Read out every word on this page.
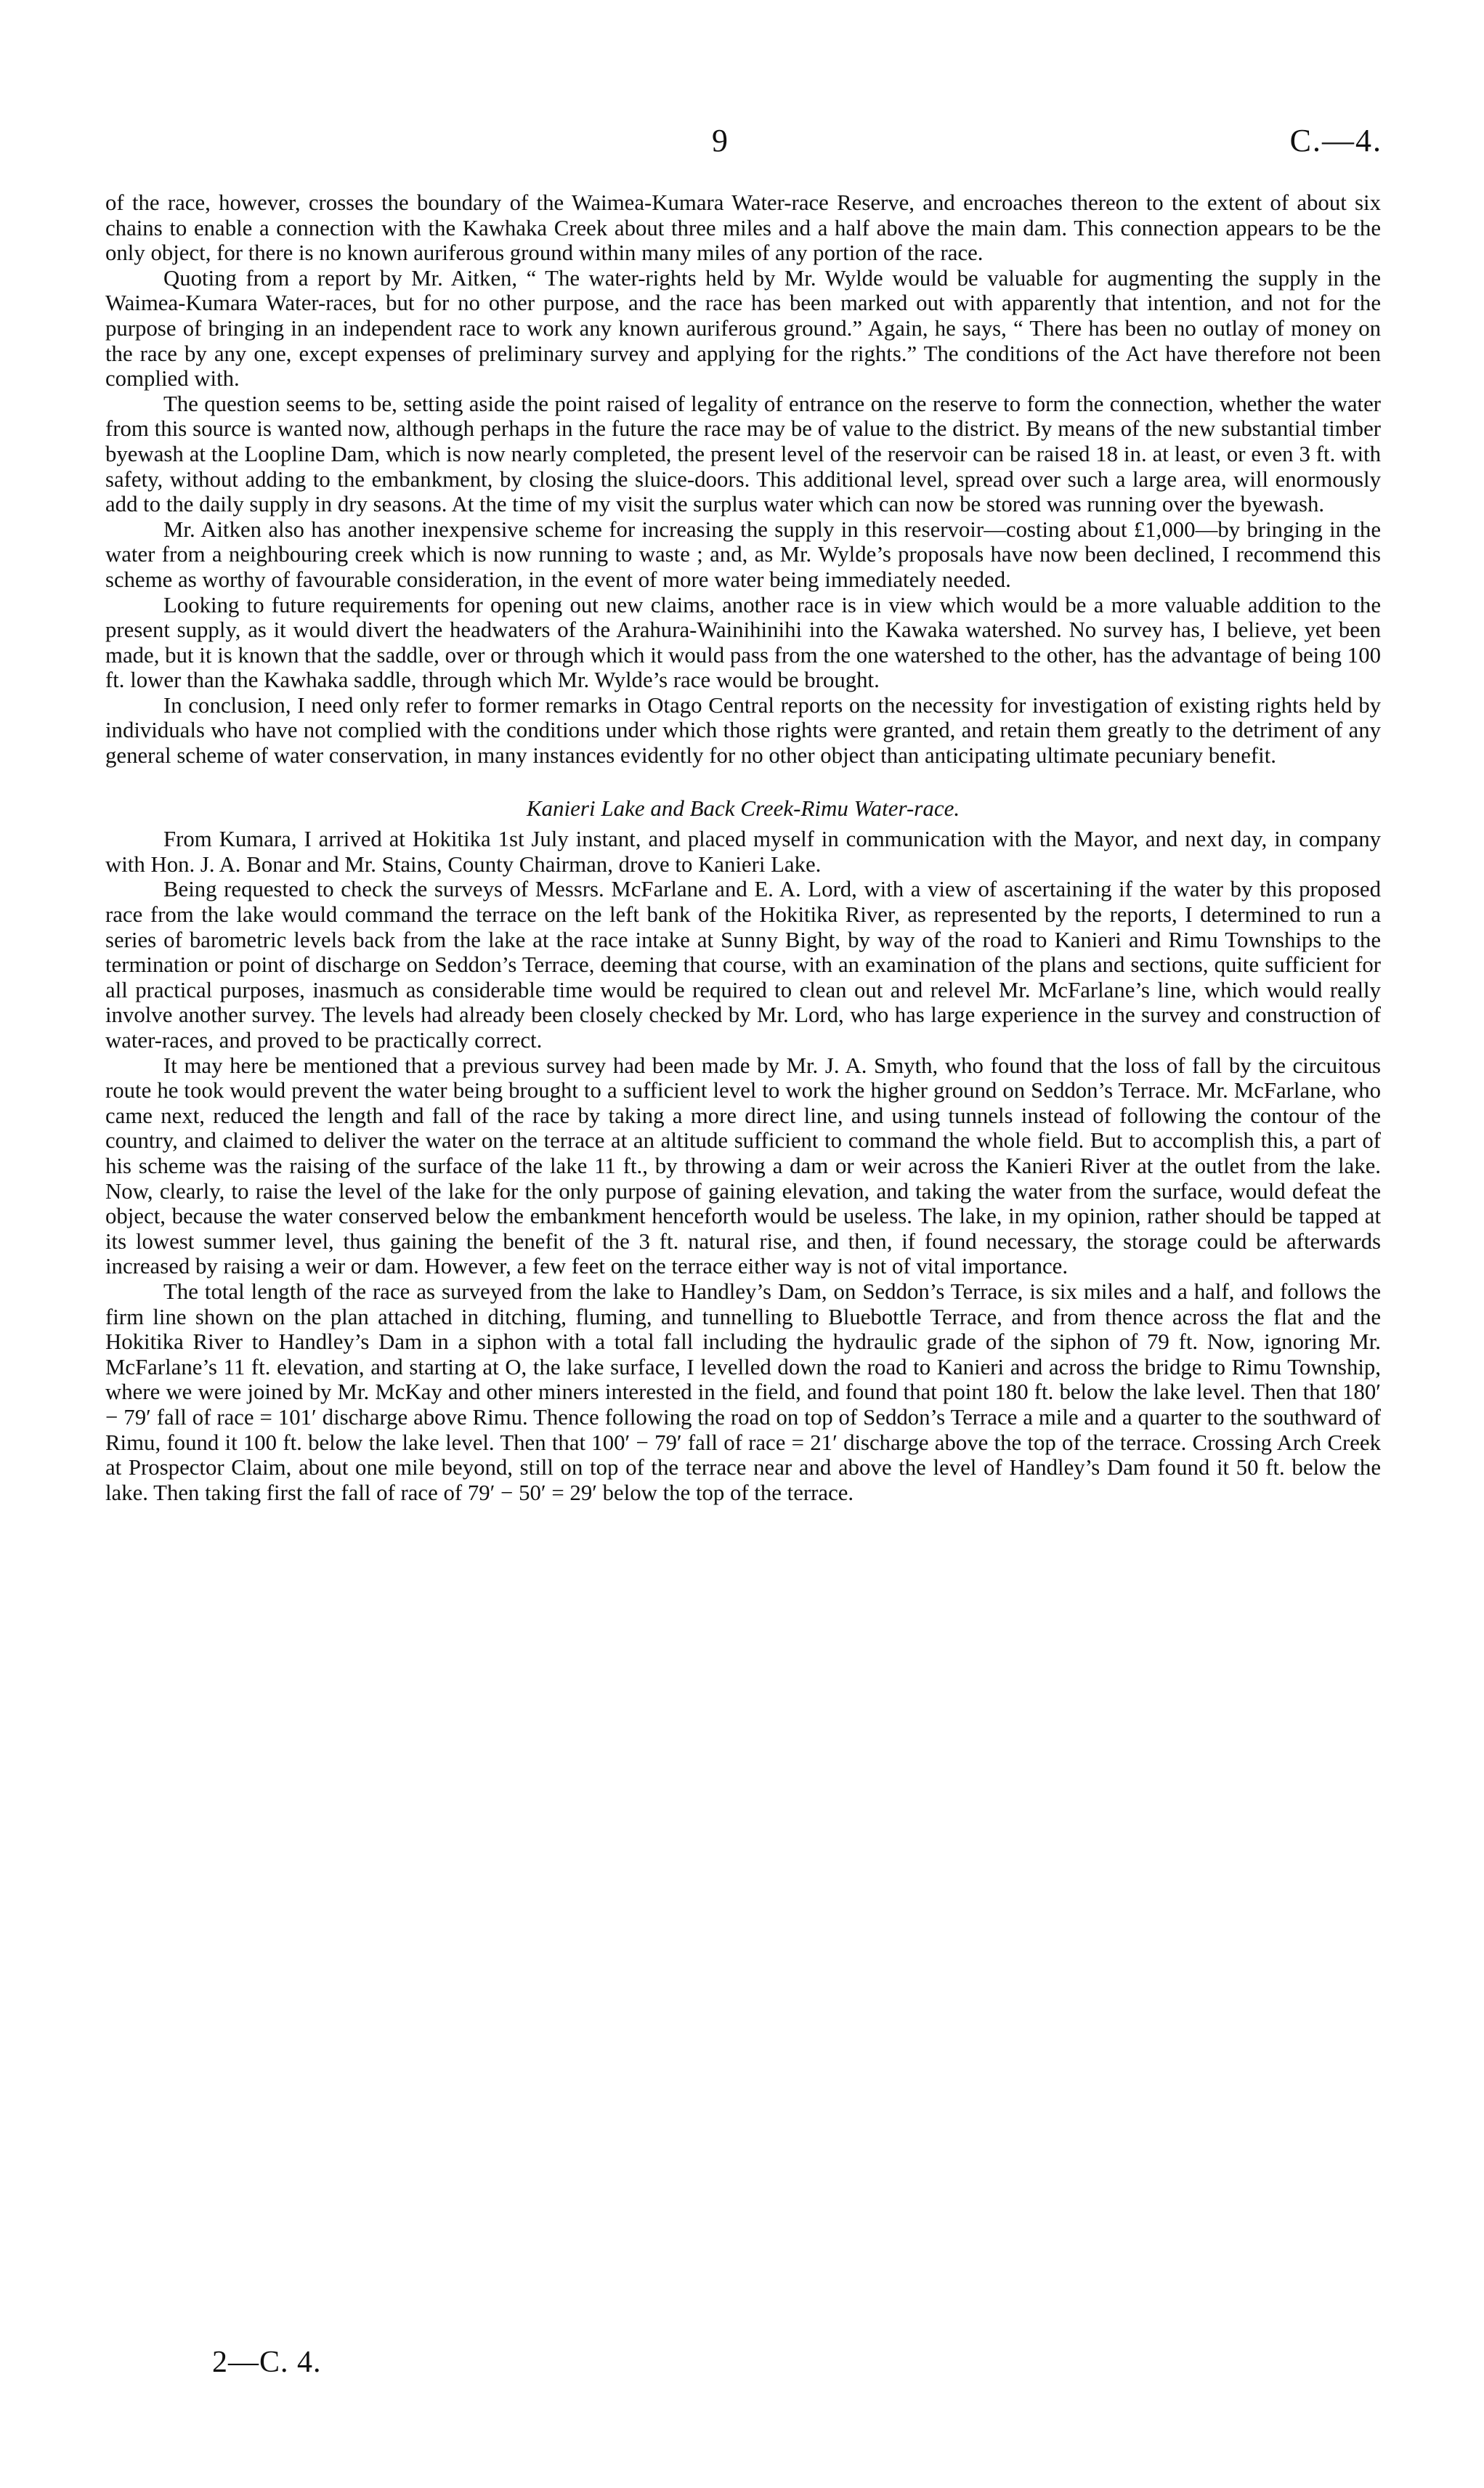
9	C.—4.

of the race, however, crosses the boundary of the Waimea-Kumara Water-race Reserve, and encroaches thereon to the extent of about six chains to enable a connection with the Kawhaka Creek about three miles and a half above the main dam. This connection appears to be the only object, for there is no known auriferous ground within many miles of any portion of the race.

Quoting from a report by Mr. Aitken, “ The water-rights held by Mr. Wylde would be valuable for augmenting the supply in the Waimea-Kumara Water-races, but for no other purpose, and the race has been marked out with apparently that intention, and not for the purpose of bringing in an independent race to work any known auriferous ground.” Again, he says, “ There has been no outlay of money on the race by any one, except expenses of preliminary survey and applying for the rights.” The conditions of the Act have therefore not been complied with.

The question seems to be, setting aside the point raised of legality of entrance on the reserve to form the connection, whether the water from this source is wanted now, although perhaps in the future the race may be of value to the district. By means of the new substantial timber byewash at the Loopline Dam, which is now nearly completed, the present level of the reservoir can be raised 18 in. at least, or even 3 ft. with safety, without adding to the embankment, by closing the sluice-doors. This additional level, spread over such a large area, will enormously add to the daily supply in dry seasons. At the time of my visit the surplus water which can now be stored was running over the byewash.

Mr. Aitken also has another inexpensive scheme for increasing the supply in this reservoir—costing about £1,000—by bringing in the water from a neighbouring creek which is now running to waste ; and, as Mr. Wylde’s proposals have now been declined, I recommend this scheme as worthy of favourable consideration, in the event of more water being immediately needed.

Looking to future requirements for opening out new claims, another race is in view which would be a more valuable addition to the present supply, as it would divert the headwaters of the Arahura-Wainihinihi into the Kawaka watershed. No survey has, I believe, yet been made, but it is known that the saddle, over or through which it would pass from the one watershed to the other, has the advantage of being 100 ft. lower than the Kawhaka saddle, through which Mr. Wylde’s race would be brought.

In conclusion, I need only refer to former remarks in Otago Central reports on the necessity for investigation of existing rights held by individuals who have not complied with the conditions under which those rights were granted, and retain them greatly to the detriment of any general scheme of water conservation, in many instances evidently for no other object than anticipating ultimate pecuniary benefit.

Kanieri Lake and Back Creek-Rimu Water-race.

From Kumara, I arrived at Hokitika 1st July instant, and placed myself in communication with the Mayor, and next day, in company with Hon. J. A. Bonar and Mr. Stains, County Chairman, drove to Kanieri Lake.

Being requested to check the surveys of Messrs. McFarlane and E. A. Lord, with a view of ascertaining if the water by this proposed race from the lake would command the terrace on the left bank of the Hokitika River, as represented by the reports, I determined to run a series of barometric levels back from the lake at the race intake at Sunny Bight, by way of the road to Kanieri and Rimu Townships to the termination or point of discharge on Seddon’s Terrace, deeming that course, with an examination of the plans and sections, quite sufficient for all practical purposes, inasmuch as considerable time would be required to clean out and relevel Mr. McFarlane’s line, which would really involve another survey. The levels had already been closely checked by Mr. Lord, who has large experience in the survey and construction of water-races, and proved to be practically correct.

It may here be mentioned that a previous survey had been made by Mr. J. A. Smyth, who found that the loss of fall by the circuitous route he took would prevent the water being brought to a sufficient level to work the higher ground on Seddon’s Terrace. Mr. McFarlane, who came next, reduced the length and fall of the race by taking a more direct line, and using tunnels instead of following the contour of the country, and claimed to deliver the water on the terrace at an altitude sufficient to command the whole field. But to accomplish this, a part of his scheme was the raising of the surface of the lake 11 ft., by throwing a dam or weir across the Kanieri River at the outlet from the lake. Now, clearly, to raise the level of the lake for the only purpose of gaining elevation, and taking the water from the surface, would defeat the object, because the water conserved below the embankment henceforth would be useless. The lake, in my opinion, rather should be tapped at its lowest summer level, thus gaining the benefit of the 3 ft. natural rise, and then, if found necessary, the storage could be afterwards increased by raising a weir or dam. However, a few feet on the terrace either way is not of vital importance.

The total length of the race as surveyed from the lake to Handley’s Dam, on Seddon’s Terrace, is six miles and a half, and follows the firm line shown on the plan attached in ditching, fluming, and tunnelling to Bluebottle Terrace, and from thence across the flat and the Hokitika River to Handley’s Dam in a siphon with a total fall including the hydraulic grade of the siphon of 79 ft. Now, ignoring Mr. McFarlane’s 11 ft. elevation, and starting at O, the lake surface, I levelled down the road to Kanieri and across the bridge to Rimu Township, where we were joined by Mr. McKay and other miners interested in the field, and found that point 180 ft. below the lake level. Then that 180′ − 79′ fall of race = 101′ discharge above Rimu. Thence following the road on top of Seddon’s Terrace a mile and a quarter to the southward of Rimu, found it 100 ft. below the lake level. Then that 100′ − 79′ fall of race = 21′ discharge above the top of the terrace. Crossing Arch Creek at Prospector Claim, about one mile beyond, still on top of the terrace near and above the level of Handley’s Dam found it 50 ft. below the lake. Then taking first the fall of race of 79′ − 50′ = 29′ below the top of the terrace.

2—C. 4.
